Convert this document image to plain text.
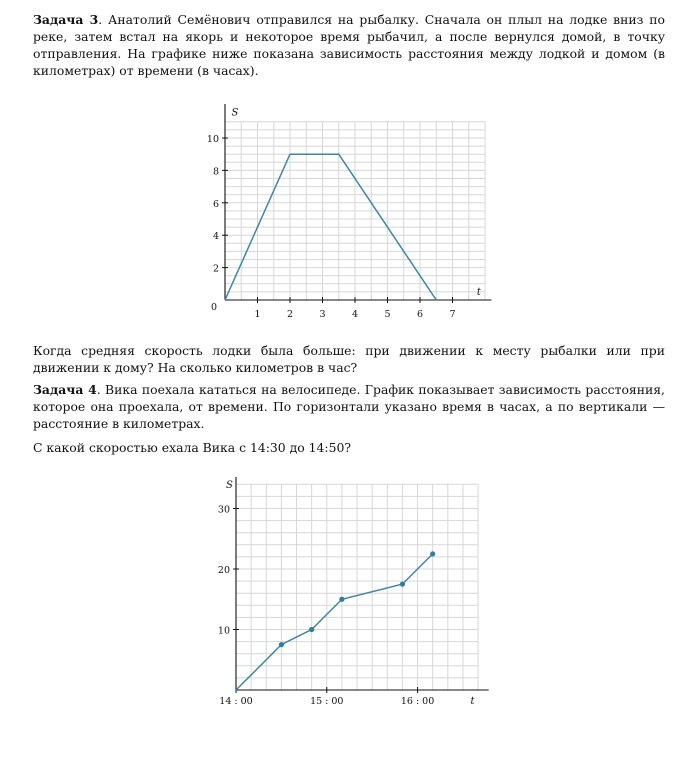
Задача 3. Анатолий Семёнович отправился на рыбалку. Сначала он плыл на лодке вниз по реке, затем встал на якорь и некоторое время рыбачил, а после вернулся домой, в точку отправления. На графике ниже показана зависимость расстояния между лодкой и домом (в километрах) от времени (в часах).

S
t
0
1	2	3	4	5	6	7
2
4
6
8
10

Когда средняя скорость лодки была больше: при движении к месту рыбалки или при движении к дому? На сколько километров в час?

Задача 4. Вика поехала кататься на велосипеде. График показывает зависимость расстояния, которое она проехала, от времени. По горизонтали указано время в часах, а по вертикали — расстояние в километрах.

С какой скоростью ехала Вика с 14:30 до 14:50?

S
t
14 : 00	15 : 00	16 : 00
10
20
30
